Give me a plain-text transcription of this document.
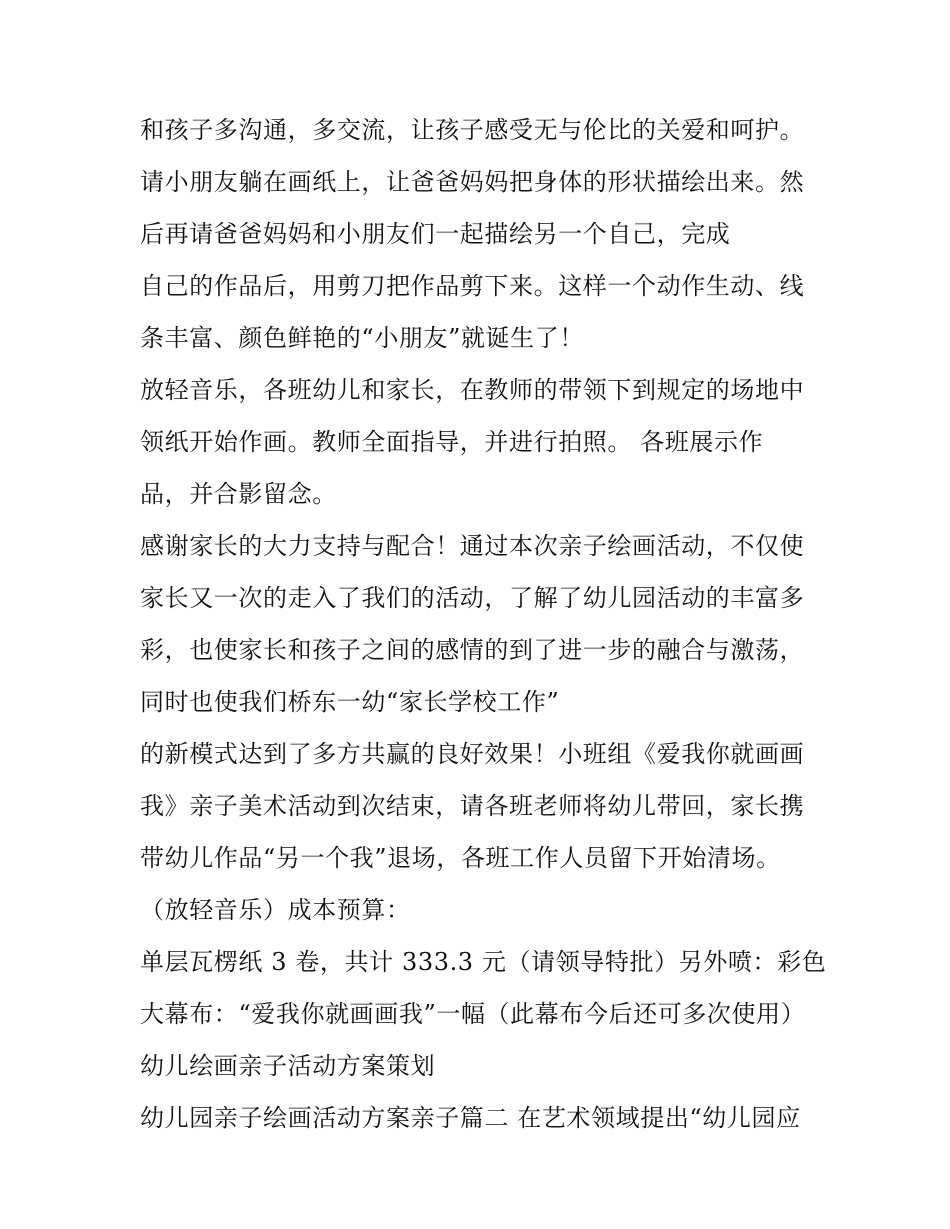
和孩子多沟通，多交流，让孩子感受无与伦比的关爱和呵护。
请小朋友躺在画纸上，让爸爸妈妈把身体的形状描绘出来。然
后再请爸爸妈妈和小朋友们一起描绘另一个自己，完成
自己的作品后，用剪刀把作品剪下来。这样一个动作生动、线
条丰富、颜色鲜艳的“小朋友”就诞生了！
放轻音乐，各班幼儿和家长，在教师的带领下到规定的场地中
领纸开始作画。教师全面指导，并进行拍照。 各班展示作
品，并合影留念。
感谢家长的大力支持与配合！通过本次亲子绘画活动，不仅使
家长又一次的走入了我们的活动，了解了幼儿园活动的丰富多
彩，也使家长和孩子之间的感情的到了进一步的融合与激荡，
同时也使我们桥东一幼“家长学校工作”
的新模式达到了多方共赢的良好效果！小班组《爱我你就画画
我》亲子美术活动到次结束，请各班老师将幼儿带回，家长携
带幼儿作品“另一个我”退场，各班工作人员留下开始清场。
（放轻音乐）成本预算：
单层瓦楞纸 3 卷，共计 333.3 元（请领导特批）另外喷：彩色
大幕布：“爱我你就画画我”一幅（此幕布今后还可多次使用）
幼儿绘画亲子活动方案策划
幼儿园亲子绘画活动方案亲子篇二 在艺术领域提出“幼儿园应
